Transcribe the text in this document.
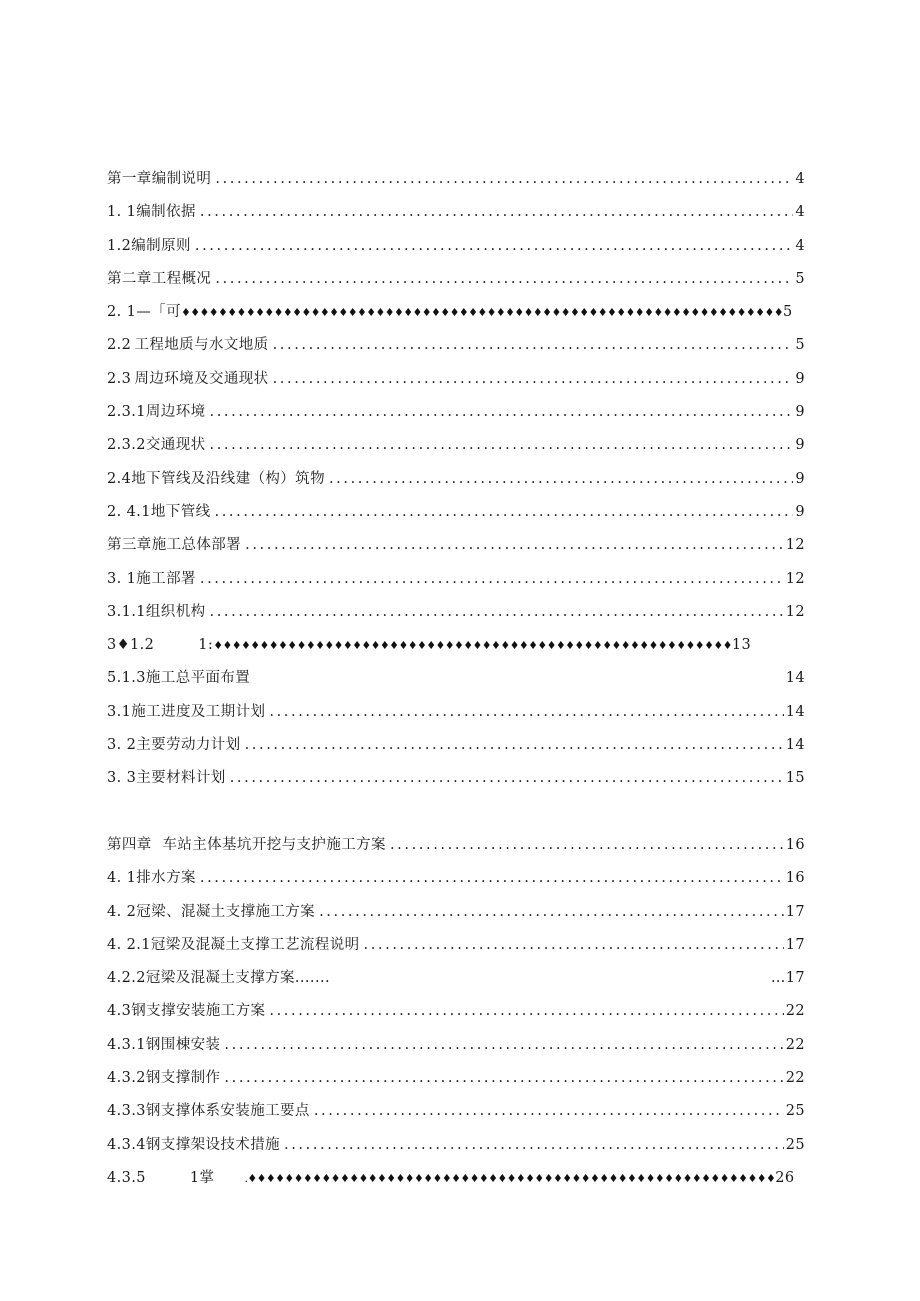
第一章编制说明 .....	4
1. 1 编制依据 .....	4
1.2 编制原则 .....	4
第二章工程概况 .....	5
2. 1 —「可 ♦♦♦♦♦♦♦♦♦♦♦♦♦♦♦♦♦♦♦♦♦♦♦♦♦♦♦♦♦♦♦♦♦♦♦♦♦♦♦♦♦♦♦♦♦♦♦♦♦♦♦♦♦♦♦♦♦♦♦♦♦♦♦♦♦ 5
2.2 工程地质与水文地质 .....	5
2.3 周边环境及交通现状 .....	9
2.3.1 周边环境 .....	9
2.3.2 交通现状 .....	9
2.4 地下管线及沿线建（构）筑物 .....	9
2. 4.1 地下管线 .....	9
第三章施工总体部署 .....	12
3. 1 施工部署 .....	12
3.1.1 组织机构 .....	12
3♦1.2	1: ♦♦♦♦♦♦♦♦♦♦♦♦♦♦♦♦♦♦♦♦♦♦♦♦♦♦♦♦♦♦♦♦♦♦♦♦♦♦♦♦♦♦♦♦♦♦♦♦♦♦♦♦♦♦♦♦ 13
5.1.3 施工总平面布置	14
3.1 施工进度及工期计划 .....	14
3. 2 主要劳动力计划 .....	14
3. 3 主要材料计划 .....	15
第四章 车站主体基坑开挖与支护施工方案 .....	16
4. 1 排水方案 .....	16
4. 2 冠梁、混凝土支撑施工方案 .....	17
4. 2.1 冠梁及混凝土支撑工艺流程说明 .....	17
4.2.2 冠梁及混凝土支撑方案.......	…17
4.3 钢支撑安装施工方案 .....	22
4.3.1 钢围棟安装 .....	22
4.3.2 钢支撑制作 .....	22
4.3.3 钢支撑体系安装施工要点 .....	25
4.3.4 钢支撑架设技术措施 .....	25
4.3.5	1掌	.♦♦♦♦♦♦♦♦♦♦♦♦♦♦♦♦♦♦♦♦♦♦♦♦♦♦♦♦♦♦♦♦♦♦♦♦♦♦♦♦♦♦♦♦♦♦♦♦♦♦♦♦♦♦♦♦♦ 26
